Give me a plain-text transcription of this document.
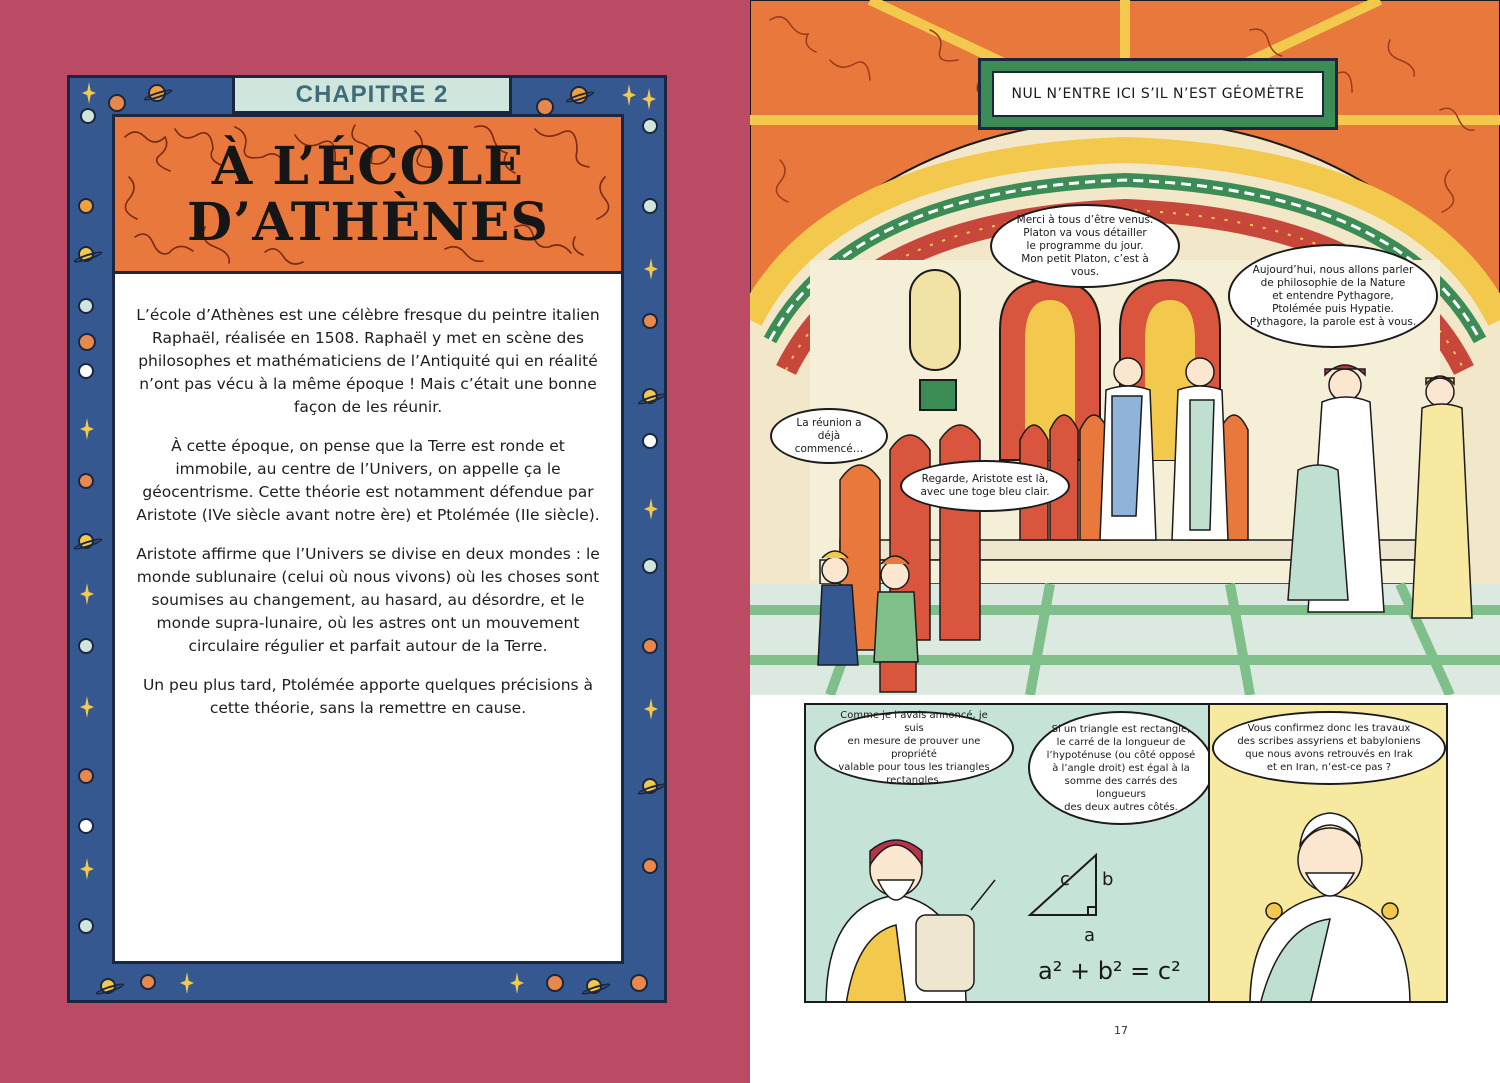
CHAPITRE 2
À L’ÉCOLE
D’ATHÈNES

L’école d’Athènes est une célèbre fresque du peintre italien Raphaël, réalisée en 1508. Raphaël y met en scène des philosophes et mathématiciens de l’Antiquité qui en réalité n’ont pas vécu à la même époque ! Mais c’était une bonne façon de les réunir.

À cette époque, on pense que la Terre est ronde et immobile, au centre de l’Univers, on appelle ça le géocentrisme. Cette théorie est notamment défendue par Aristote (IVe siècle avant notre ère) et Ptolémée (IIe siècle).

Aristote affirme que l’Univers se divise en deux mondes : le monde sublunaire (celui où nous vivons) où les choses sont soumises au changement, au hasard, au désordre, et le monde supra-lunaire, où les astres ont un mouvement circulaire régulier et parfait autour de la Terre.

Un peu plus tard, Ptolémée apporte quelques précisions à cette théorie, sans la remettre en cause.

NUL N’ENTRE ICI S’IL N’EST GÉOMÈTRE
Merci à tous d’être venus.
Platon va vous détailler
le programme du jour.
Mon petit Platon, c’est à vous.	Aujourd’hui, nous allons parler
de philosophie de la Nature
et entendre Pythagore,
Ptolémée puis Hypatie.
Pythagore, la parole est à vous.
La réunion a déjà
commencé…
Regarde, Aristote est là,
avec une toge bleu clair.
Comme je l’avais annoncé, je suis
en mesure de prouver une propriété
valable pour tous les triangles
rectangles.
Si un triangle est rectangle,
le carré de la longueur de
l’hypoténuse (ou côté opposé
à l’angle droit) est égal à la
somme des carrés des longueurs
des deux autres côtés.
c b
a
a² + b² = c²
Vous confirmez donc les travaux
des scribes assyriens et babyloniens
que nous avons retrouvés en Irak
et en Iran, n’est-ce pas ?
17
